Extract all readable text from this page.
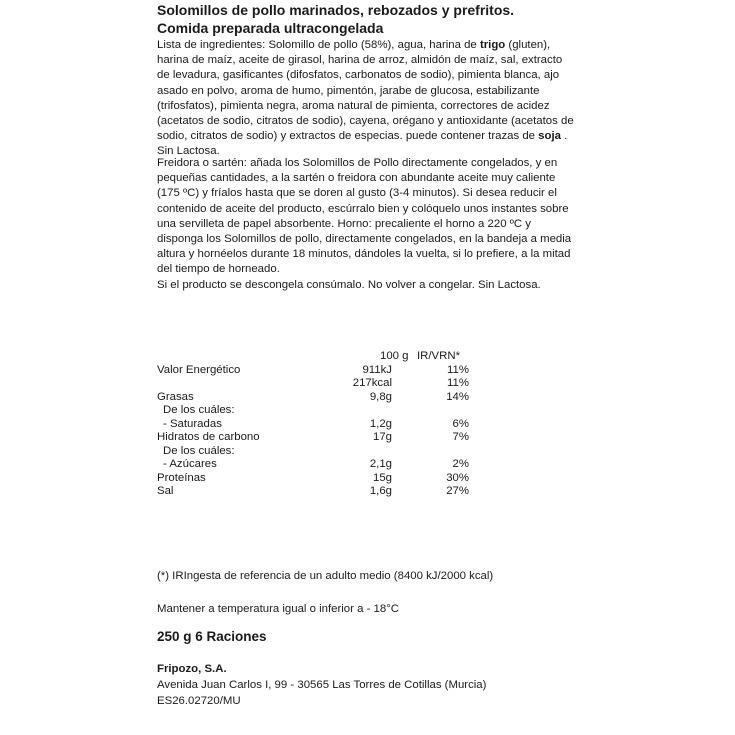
Solomillos de pollo marinados, rebozados y prefritos.
Comida preparada ultracongelada
Lista de ingredientes: Solomillo de pollo (58%), agua, harina de trigo (gluten), harina de maíz, aceite de girasol, harina de arroz, almidón de maíz, sal, extracto de levadura, gasificantes (difosfatos, carbonatos de sodio), pimienta blanca, ajo asado en polvo, aroma de humo, pimentón, jarabe de glucosa, estabilizante (trifosfatos), pimienta negra, aroma natural de pimienta, correctores de acidez (acetatos de sodio, citratos de sodio), cayena, orégano y antioxidante (acetatos de sodio, citratos de sodio) y extractos de especias. puede contener trazas de soja . Sin Lactosa.
Freidora o sartén: añada los Solomillos de Pollo directamente congelados, y en pequeñas cantidades, a la sartén o freidora con abundante aceite muy caliente (175 ºC) y fríalos hasta que se doren al gusto (3-4 minutos). Si desea reducir el contenido de aceite del producto, escúrralo bien y colóquelo unos instantes sobre una servilleta de papel absorbente. Horno: precaliente el horno a 220 ºC y disponga los Solomillos de pollo, directamente congelados, en la bandeja a media altura y hornéelos durante 18 minutos, dándoles la vuelta, si lo prefiere, a la mitad del tiempo de horneado.
Si el producto se descongela consúmalo. No volver a congelar. Sin Lactosa.
100 g IR/VRN*
Valor Energético	911kJ	11%
217kcal	11%
Grasas	9,8g	14%
De los cuáles:
- Saturadas	1,2g	6%
Hidratos de carbono	17g	7%
De los cuáles:
- Azúcares	2,1g	2%
Proteínas	15g	30%
Sal	1,6g	27%
(*) IRIngesta de referencia de un adulto medio (8400 kJ/2000 kcal)
Mantener a temperatura igual o inferior a - 18°C
250 g 6 Raciones
Fripozo, S.A.
Avenida Juan Carlos I, 99 - 30565 Las Torres de Cotillas (Murcia)
ES26.02720/MU
